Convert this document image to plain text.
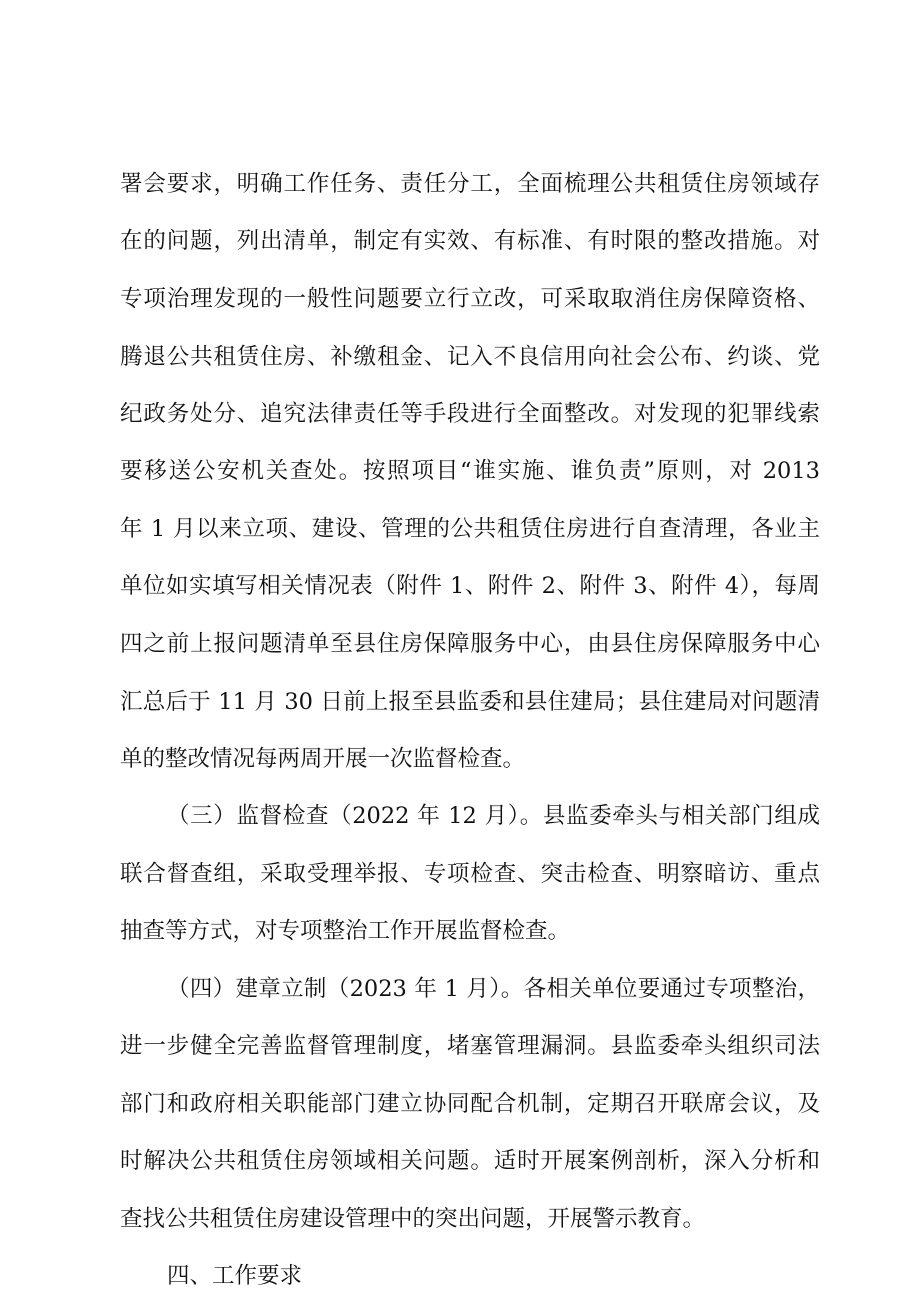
署会要求，明确工作任务、责任分工，全面梳理公共租赁住房领域存
在的问题，列出清单，制定有实效、有标准、有时限的整改措施。对
专项治理发现的一般性问题要立行立改，可采取取消住房保障资格、
腾退公共租赁住房、补缴租金、记入不良信用向社会公布、约谈、党
纪政务处分、追究法律责任等手段进行全面整改。对发现的犯罪线索
要移送公安机关查处。按照项目“谁实施、谁负责”原则，对 2013
年 1 月以来立项、建设、管理的公共租赁住房进行自查清理，各业主
单位如实填写相关情况表（附件 1、附件 2、附件 3、附件 4），每周
四之前上报问题清单至县住房保障服务中心，由县住房保障服务中心
汇总后于 11 月 30 日前上报至县监委和县住建局；县住建局对问题清
单的整改情况每两周开展一次监督检查。
（三）监督检查（2022 年 12 月）。县监委牵头与相关部门组成
联合督查组，采取受理举报、专项检查、突击检查、明察暗访、重点
抽查等方式，对专项整治工作开展监督检查。
（四）建章立制（2023 年 1 月）。各相关单位要通过专项整治，
进一步健全完善监督管理制度，堵塞管理漏洞。县监委牵头组织司法
部门和政府相关职能部门建立协同配合机制，定期召开联席会议，及
时解决公共租赁住房领域相关问题。适时开展案例剖析，深入分析和
查找公共租赁住房建设管理中的突出问题，开展警示教育。
四、工作要求
